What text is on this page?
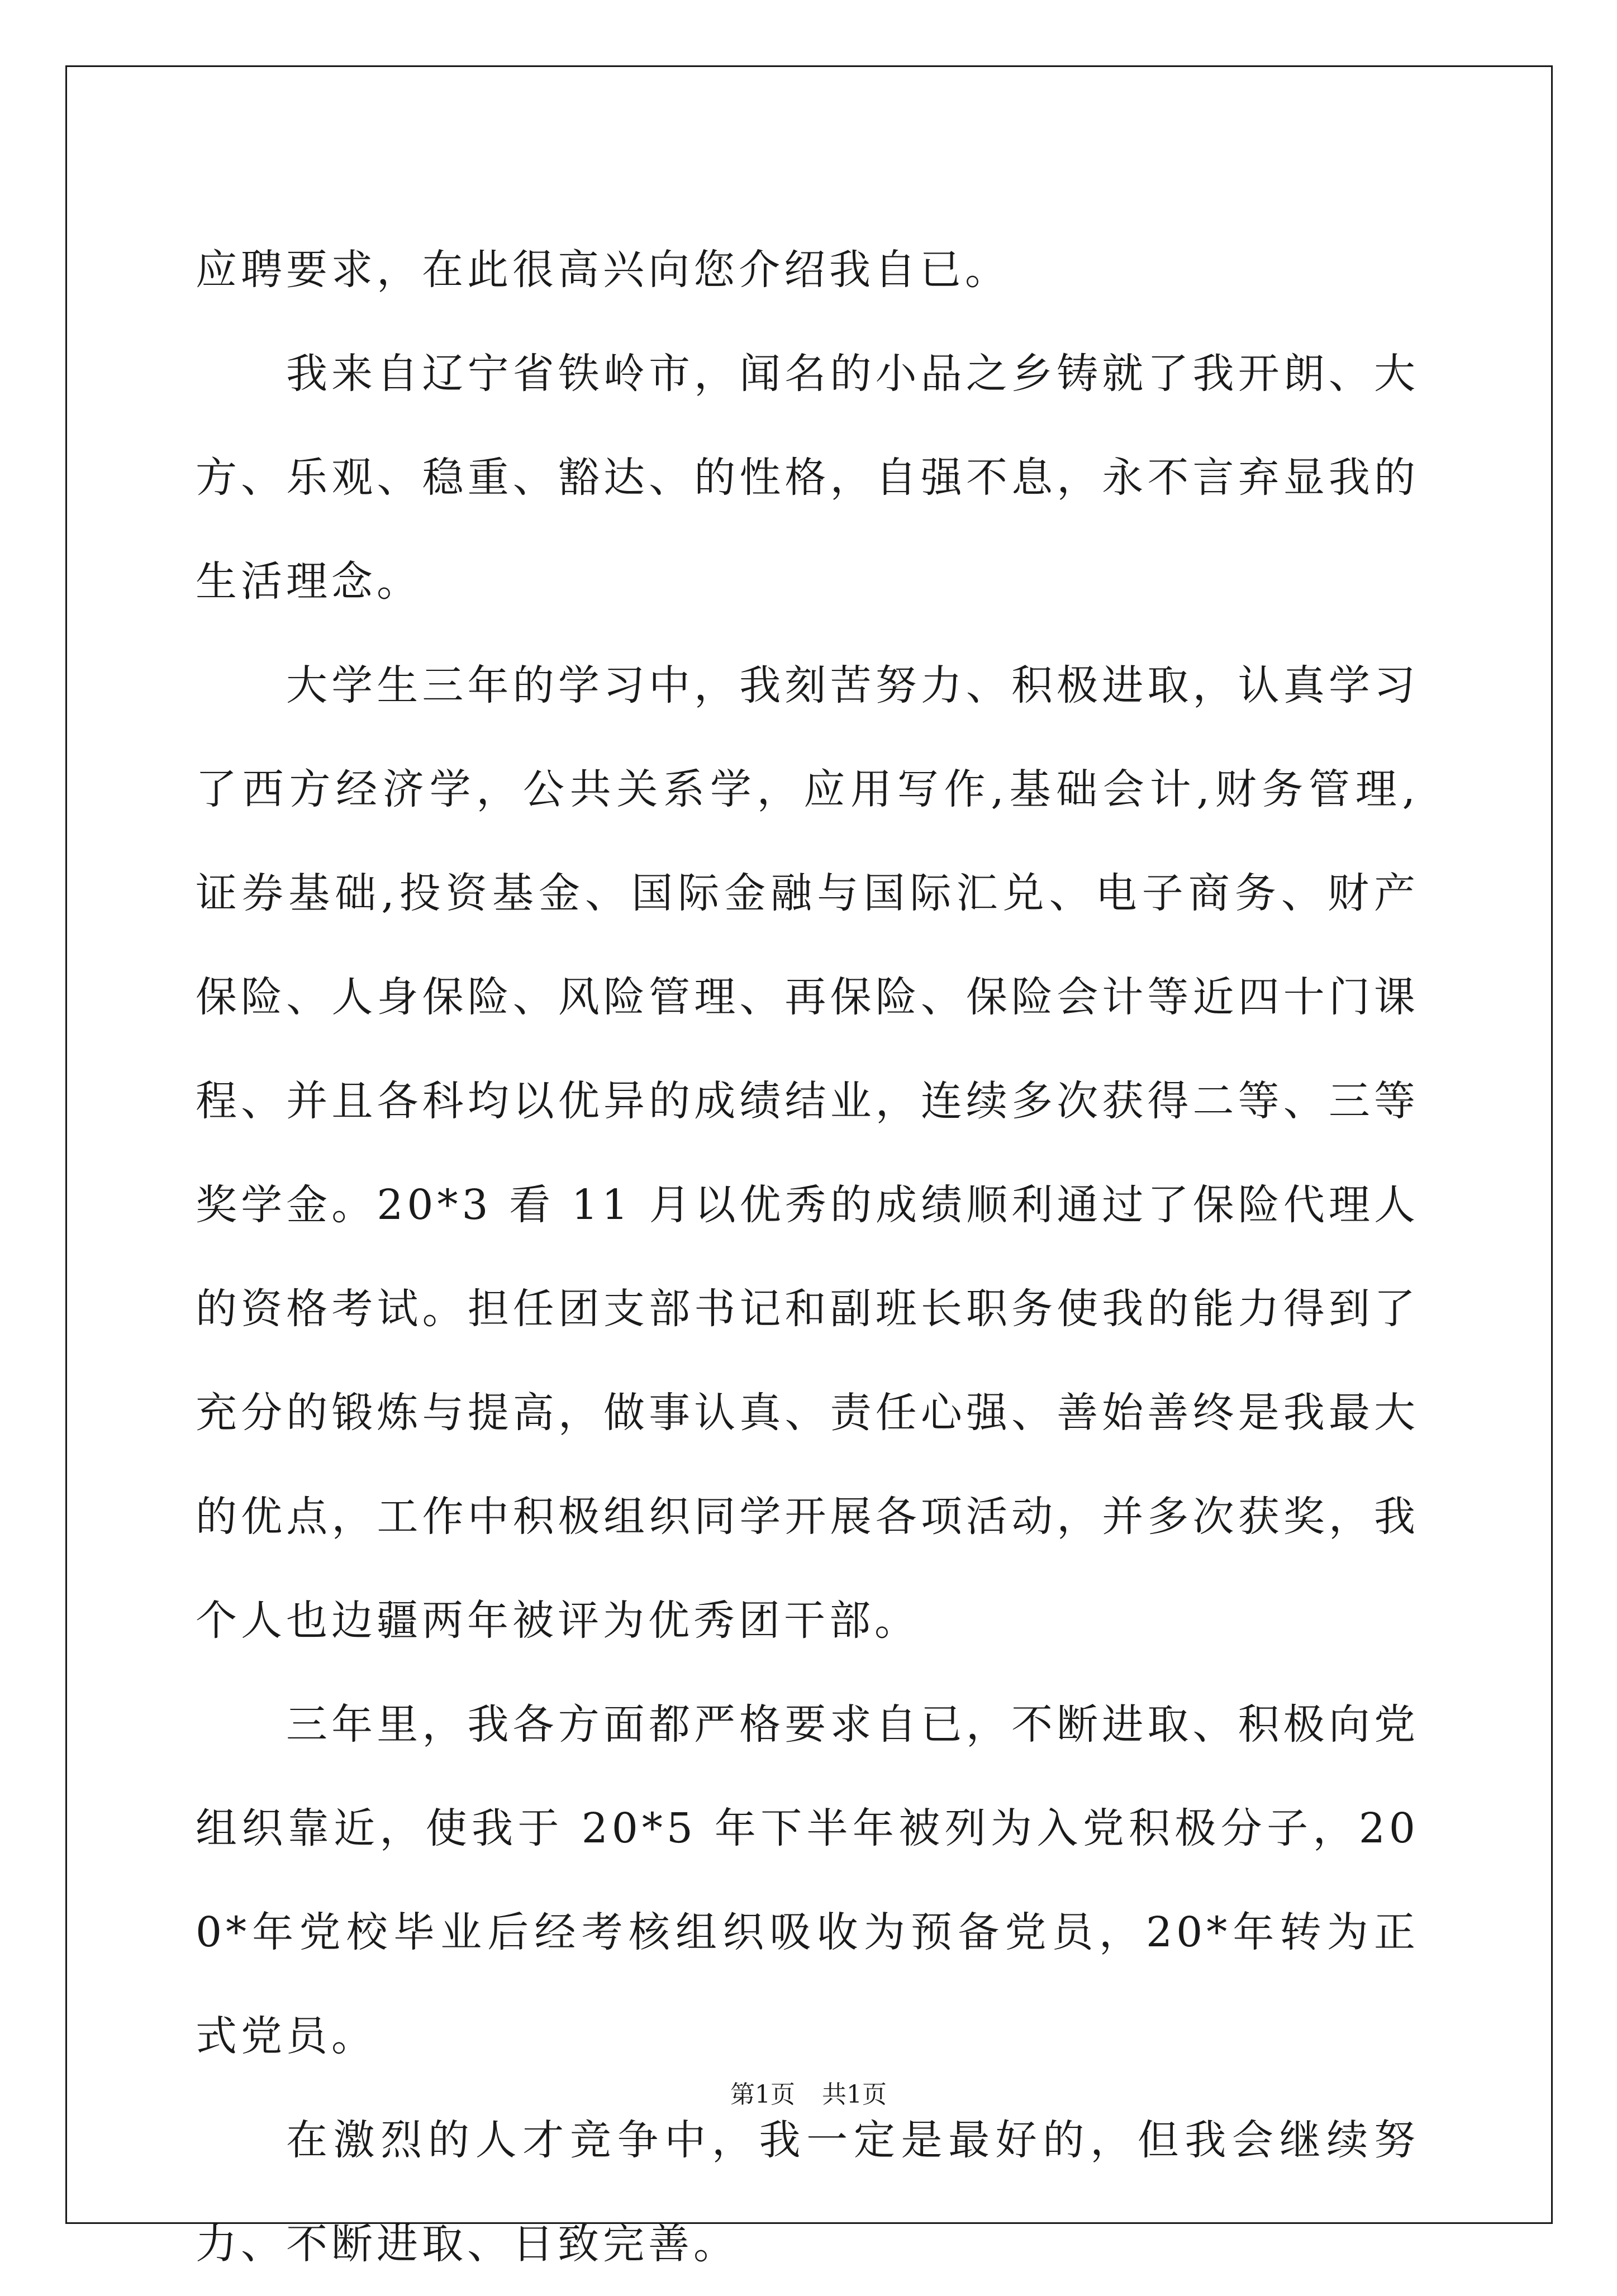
应聘要求，在此很高兴向您介绍我自已。

我来自辽宁省铁岭市，闻名的小品之乡铸就了我开朗、大方、乐观、稳重、豁达、的性格，自强不息，永不言弃显我的生活理念。

大学生三年的学习中，我刻苦努力、积极进取，认真学习了西方经济学，公共关系学，应用写作,基础会计,财务管理,证券基础,投资基金、国际金融与国际汇兑、电子商务、财产保险、人身保险、风险管理、再保险、保险会计等近四十门课程、并且各科均以优异的成绩结业，连续多次获得二等、三等奖学金。20*3 看 11 月以优秀的成绩顺利通过了保险代理人的资格考试。担任团支部书记和副班长职务使我的能力得到了充分的锻炼与提高，做事认真、责任心强、善始善终是我最大的优点，工作中积极组织同学开展各项活动，并多次获奖，我个人也边疆两年被评为优秀团干部。

三年里，我各方面都严格要求自已，不断进取、积极向党组织靠近，使我于 20*5 年下半年被列为入党积极分子，200*年党校毕业后经考核组织吸收为预备党员，20*年转为正式党员。

在激烈的人才竞争中，我一定是最好的，但我会继续努力、不断进取、日致完善。

第1页 共1页
